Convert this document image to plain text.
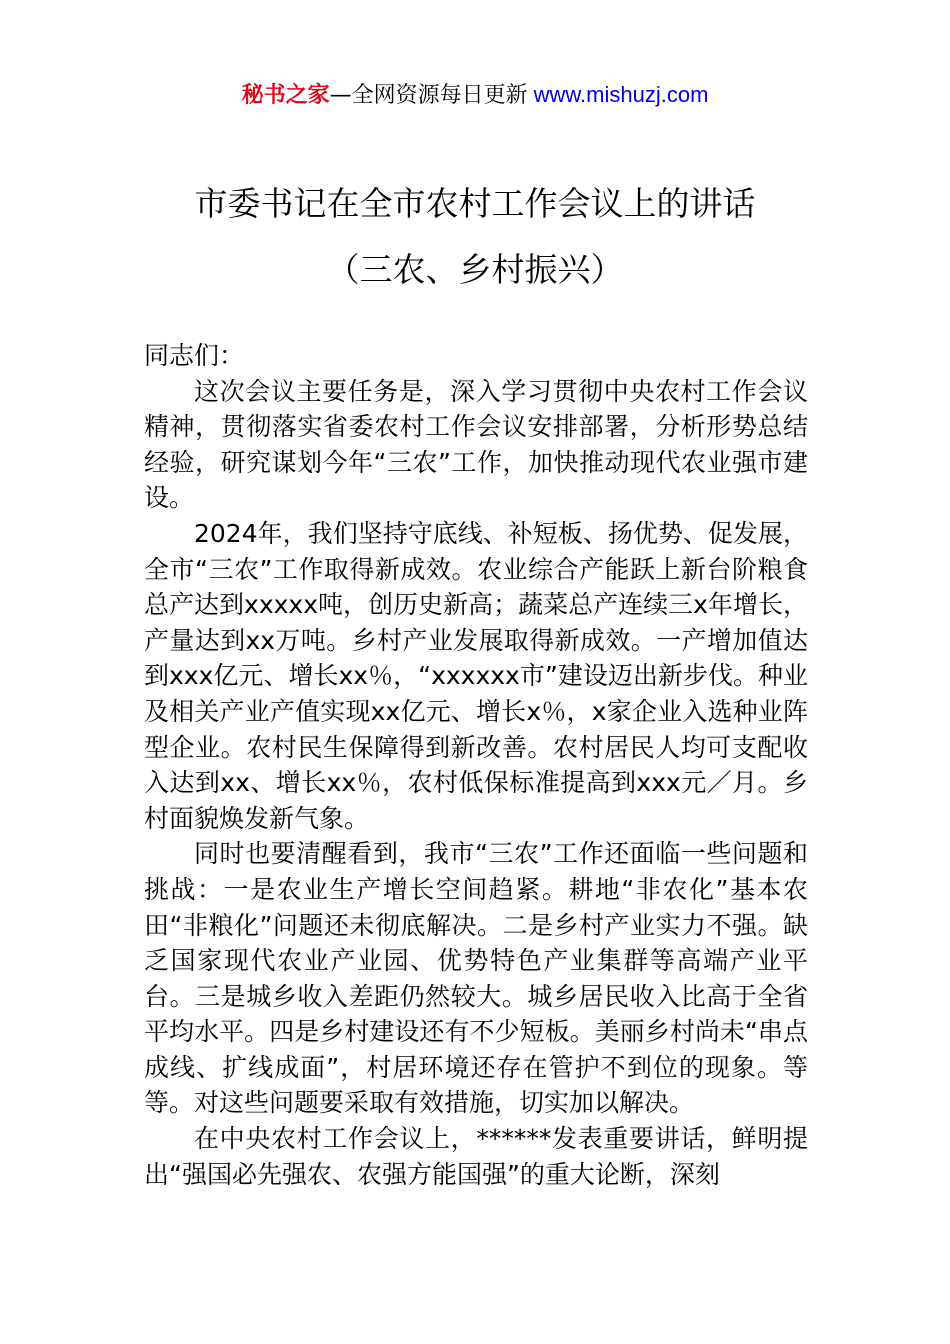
秘书之家—全网资源每日更新 www.mishuzj.com
市委书记在全市农村工作会议上的讲话
（三农、乡村振兴）

同志们：

这次会议主要任务是，深入学习贯彻中央农村工作会议精神，贯彻落实省委农村工作会议安排部署，分析形势总结经验，研究谋划今年“三农”工作，加快推动现代农业强市建设。

2024年，我们坚持守底线、补短板、扬优势、促发展，全市“三农”工作取得新成效。农业综合产能跃上新台阶粮食总产达到xxxxx吨，创历史新高；蔬菜总产连续三x年增长，产量达到xx万吨。乡村产业发展取得新成效。一产增加值达到xxx亿元、增长xx％，“xxxxxx市”建设迈出新步伐。种业及相关产业产值实现xx亿元、增长x％，x家企业入选种业阵型企业。农村民生保障得到新改善。农村居民人均可支配收入达到xx、增长xx％，农村低保标准提高到xxx元／月。乡村面貌焕发新气象。

同时也要清醒看到，我市“三农”工作还面临一些问题和挑战：一是农业生产增长空间趋紧。耕地“非农化”基本农田“非粮化”问题还未彻底解决。二是乡村产业实力不强。缺乏国家现代农业产业园、优势特色产业集群等高端产业平台。三是城乡收入差距仍然较大。城乡居民收入比高于全省平均水平。四是乡村建设还有不少短板。美丽乡村尚未“串点成线、扩线成面”，村居环境还存在管护不到位的现象。等等。对这些问题要采取有效措施，切实加以解决。

在中央农村工作会议上，******发表重要讲话，鲜明提出“强国必先强农、农强方能国强”的重大论断，深刻
